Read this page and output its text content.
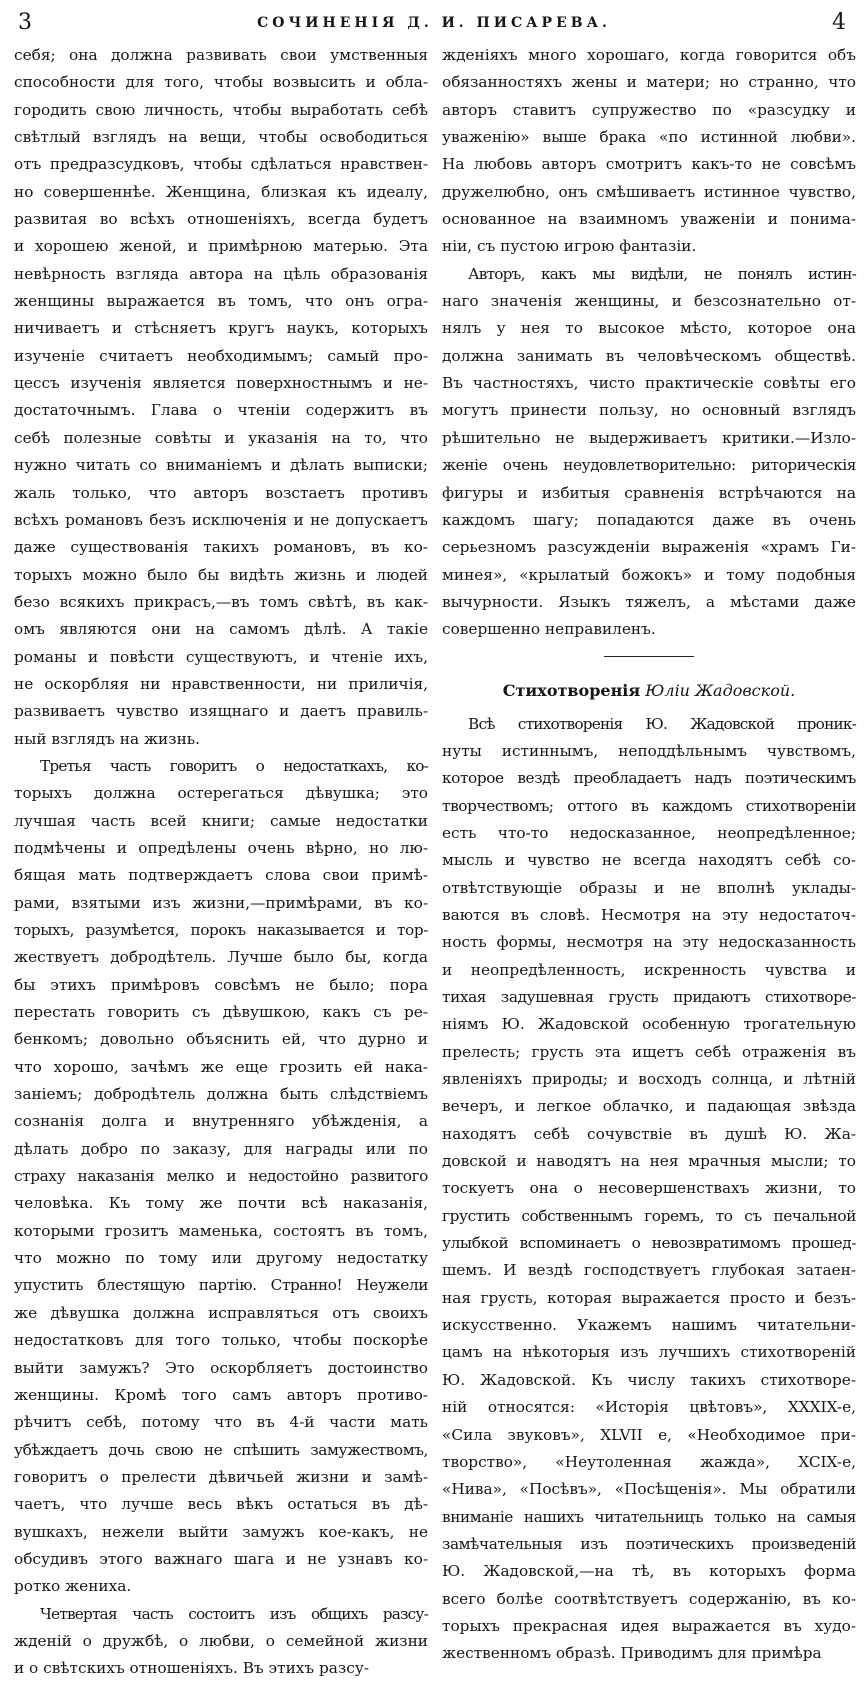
3	СОЧИНЕНІЯ Д. И. ПИСАРЕВА.	4

себя; она должна развивать свои умственныя
способности для того, чтобы возвысить и обла-
городить свою личность, чтобы выработать себѣ
свѣтлый взглядъ на вещи, чтобы освободиться
отъ предразсудковъ, чтобы сдѣлаться нравствен-
но совершеннѣе. Женщина, близкая къ идеалу,
развитая во всѣхъ отношеніяхъ, всегда будетъ
и хорошею женой, и примѣрною матерью. Эта
невѣрность взгляда автора на цѣль образованія
женщины выражается въ томъ, что онъ огра-
ничиваетъ и стѣсняетъ кругъ наукъ, которыхъ
изученіе считаетъ необходимымъ; самый про-
цессъ изученія является поверхностнымъ и не-
достаточнымъ. Глава о чтеніи содержитъ въ
себѣ полезные совѣты и указанія на то, что
нужно читать со вниманіемъ и дѣлать выписки;
жаль только, что авторъ возстаетъ противъ
всѣхъ романовъ безъ исключенія и не допускаетъ
даже существованія такихъ романовъ, въ ко-
торыхъ можно было бы видѣть жизнь и людей
безо всякихъ прикрасъ,—въ томъ свѣтѣ, въ как-
омъ являются они на самомъ дѣлѣ. А такіе
романы и повѣсти существуютъ, и чтеніе ихъ,
не оскорбляя ни нравственности, ни приличія,
развиваетъ чувство изящнаго и даетъ правиль-
ный взглядъ на жизнь.

Третья часть говоритъ о недостаткахъ, ко-
торыхъ должна остерегаться дѣвушка; это
лучшая часть всей книги; самые недостатки
подмѣчены и опредѣлены очень вѣрно, но лю-
бящая мать подтверждаетъ слова свои примѣ-
рами, взятыми изъ жизни,—примѣрами, въ ко-
торыхъ, разумѣется, порокъ наказывается и тор-
жествуетъ добродѣтель. Лучше было бы, когда
бы этихъ примѣровъ совсѣмъ не было; пора
перестать говорить съ дѣвушкою, какъ съ ре-
бенкомъ; довольно объяснить ей, что дурно и
что хорошо, зачѣмъ же еще грозить ей нака-
заніемъ; добродѣтель должна быть слѣдствіемъ
сознанія долга и внутренняго убѣжденія, а
дѣлать добро по заказу, для награды или по
страху наказанія мелко и недостойно развитого
человѣка. Къ тому же почти всѣ наказанія,
которыми грозитъ маменька, состоятъ въ томъ,
что можно по тому или другому недостатку
упустить блестящую партію. Странно! Неужели
же дѣвушка должна исправляться отъ своихъ
недостатковъ для того только, чтобы поскорѣе
выйти замужъ? Это оскорбляетъ достоинство
женщины. Кромѣ того самъ авторъ противо-
рѣчитъ себѣ, потому что въ 4-й части мать
убѣждаетъ дочь свою не спѣшить замужествомъ,
говоритъ о прелести дѣвичьей жизни и замѣ-
чаетъ, что лучше весь вѣкъ остаться въ дѣ-
вушкахъ, нежели выйти замужъ кое-какъ, не
обсудивъ этого важнаго шага и не узнавъ ко-
ротко жениха.

Четвертая часть состоитъ изъ общихъ разсу-
жденій о дружбѣ, о любви, о семейной жизни
и о свѣтскихъ отношеніяхъ. Въ этихъ разсу-

жденіяхъ много хорошаго, когда говорится объ
обязанностяхъ жены и матери; но странно, что
авторъ ставитъ супружество по «разсудку и
уваженію» выше брака «по истинной любви».
На любовь авторъ смотритъ какъ-то не совсѣмъ
дружелюбно, онъ смѣшиваетъ истинное чувство,
основанное на взаимномъ уваженіи и понима-
ніи, съ пустою игрою фантазіи.

Авторъ, какъ мы видѣли, не понялъ истин-
наго значенія женщины, и безсознательно от-
нялъ у нея то высокое мѣсто, которое она
должна занимать въ человѣческомъ обществѣ.
Въ частностяхъ, чисто практическіе совѣты его
могутъ принести пользу, но основный взглядъ
рѣшительно не выдерживаетъ критики.—Изло-
женіе очень неудовлетворительно: риторическія
фигуры и избитыя сравненія встрѣчаются на
каждомъ шагу; попадаются даже въ очень
серьезномъ разсужденіи выраженія «храмъ Ги-
минея», «крылатый божокъ» и тому подобныя
вычурности. Языкъ тяжелъ, а мѣстами даже
совершенно неправиленъ.

Стихотворенія Юліи Жадовской.

Всѣ стихотворенія Ю. Жадовской проник-
нуты истиннымъ, неподдѣльнымъ чувствомъ,
которое вездѣ преобладаетъ надъ поэтическимъ
творчествомъ; оттого въ каждомъ стихотвореніи
есть что-то недосказанное, неопредѣленное;
мысль и чувство не всегда находятъ себѣ со-
отвѣтствующіе образы и не вполнѣ уклады-
ваются въ словѣ. Несмотря на эту недостаточ-
ность формы, несмотря на эту недосказанность
и неопредѣленность, искренность чувства и
тихая задушевная грусть придаютъ стихотворе-
ніямъ Ю. Жадовской особенную трогательную
прелесть; грусть эта ищетъ себѣ отраженія въ
явленіяхъ природы; и восходъ солнца, и лѣтній
вечеръ, и легкое облачко, и падающая звѣзда
находятъ себѣ сочувствіе въ душѣ Ю. Жа-
довской и наводятъ на нея мрачныя мысли; то
тоскуетъ она о несовершенствахъ жизни, то
грустить собственнымъ горемъ, то съ печальной
улыбкой вспоминаетъ о невозвратимомъ прошед-
шемъ. И вездѣ господствуетъ глубокая затаен-
ная грусть, которая выражается просто и безъ-
искусственно. Укажемъ нашимъ читательни-
цамъ на нѣкоторыя изъ лучшихъ стихотвореній
Ю. Жадовской. Къ числу такихъ стихотворе-
ній относятся: «Исторія цвѣтовъ», XXXIX-е,
«Сила звуковъ», XLVII е, «Необходимое при-
творство», «Неутоленная жажда», XCIX-е,
«Нива», «Посѣвъ», «Посѣщенія». Мы обратили
вниманіе нашихъ читательницъ только на самыя
замѣчательныя изъ поэтическихъ произведеній
Ю. Жадовской,—на тѣ, въ которыхъ форма
всего болѣе соотвѣтствуетъ содержанію, въ ко-
торыхъ прекрасная идея выражается въ худо-
жественномъ образѣ. Приводимъ для примѣра
